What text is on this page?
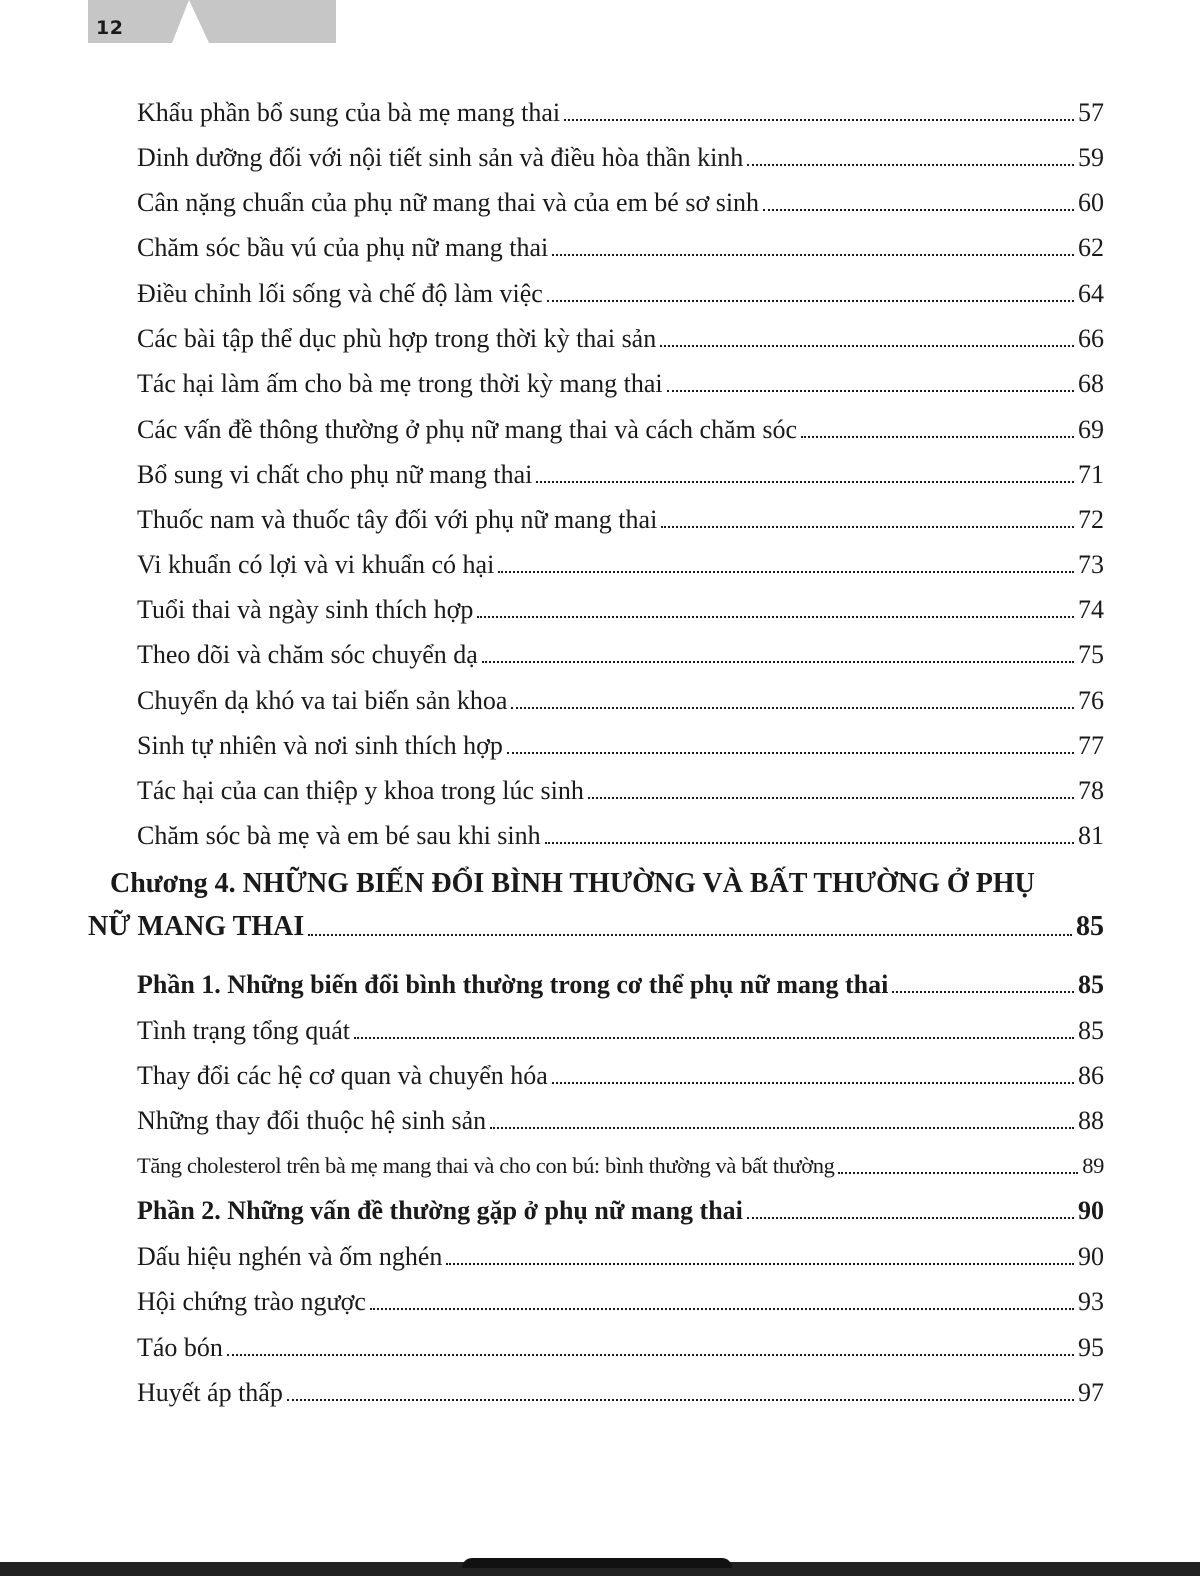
12
Khẩu phần bổ sung của bà mẹ mang thai	57
Dinh dưỡng đối với nội tiết sinh sản và điều hòa thần kinh	59
Cân nặng chuẩn của phụ nữ mang thai và của em bé sơ sinh	60
Chăm sóc bầu vú của phụ nữ mang thai	62
Điều chỉnh lối sống và chế độ làm việc	64
Các bài tập thể dục phù hợp trong thời kỳ thai sản	66
Tác hại làm ấm cho bà mẹ trong thời kỳ mang thai	68
Các vấn đề thông thường ở phụ nữ mang thai và cách chăm sóc	69
Bổ sung vi chất cho phụ nữ mang thai	71
Thuốc nam và thuốc tây đối với phụ nữ mang thai	72
Vi khuẩn có lợi và vi khuẩn có hại	73
Tuổi thai và ngày sinh thích hợp	74
Theo dõi và chăm sóc chuyển dạ	75
Chuyển dạ khó va tai biến sản khoa	76
Sinh tự nhiên và nơi sinh thích hợp	77
Tác hại của can thiệp y khoa trong lúc sinh	78
Chăm sóc bà mẹ và em bé sau khi sinh	81
Chương 4. NHỮNG BIẾN ĐỔI BÌNH THƯỜNG VÀ BẤT THƯỜNG Ở PHỤ
NỮ MANG THAI	85
Phần 1. Những biến đổi bình thường trong cơ thể phụ nữ mang thai	85
Tình trạng tổng quát	85
Thay đổi các hệ cơ quan và chuyển hóa	86
Những thay đổi thuộc hệ sinh sản	88
Tăng cholesterol trên bà mẹ mang thai và cho con bú: bình thường và bất thường	89
Phần 2. Những vấn đề thường gặp ở phụ nữ mang thai	90
Dấu hiệu nghén và ốm nghén	90
Hội chứng trào ngược	93
Táo bón	95
Huyết áp thấp	97
